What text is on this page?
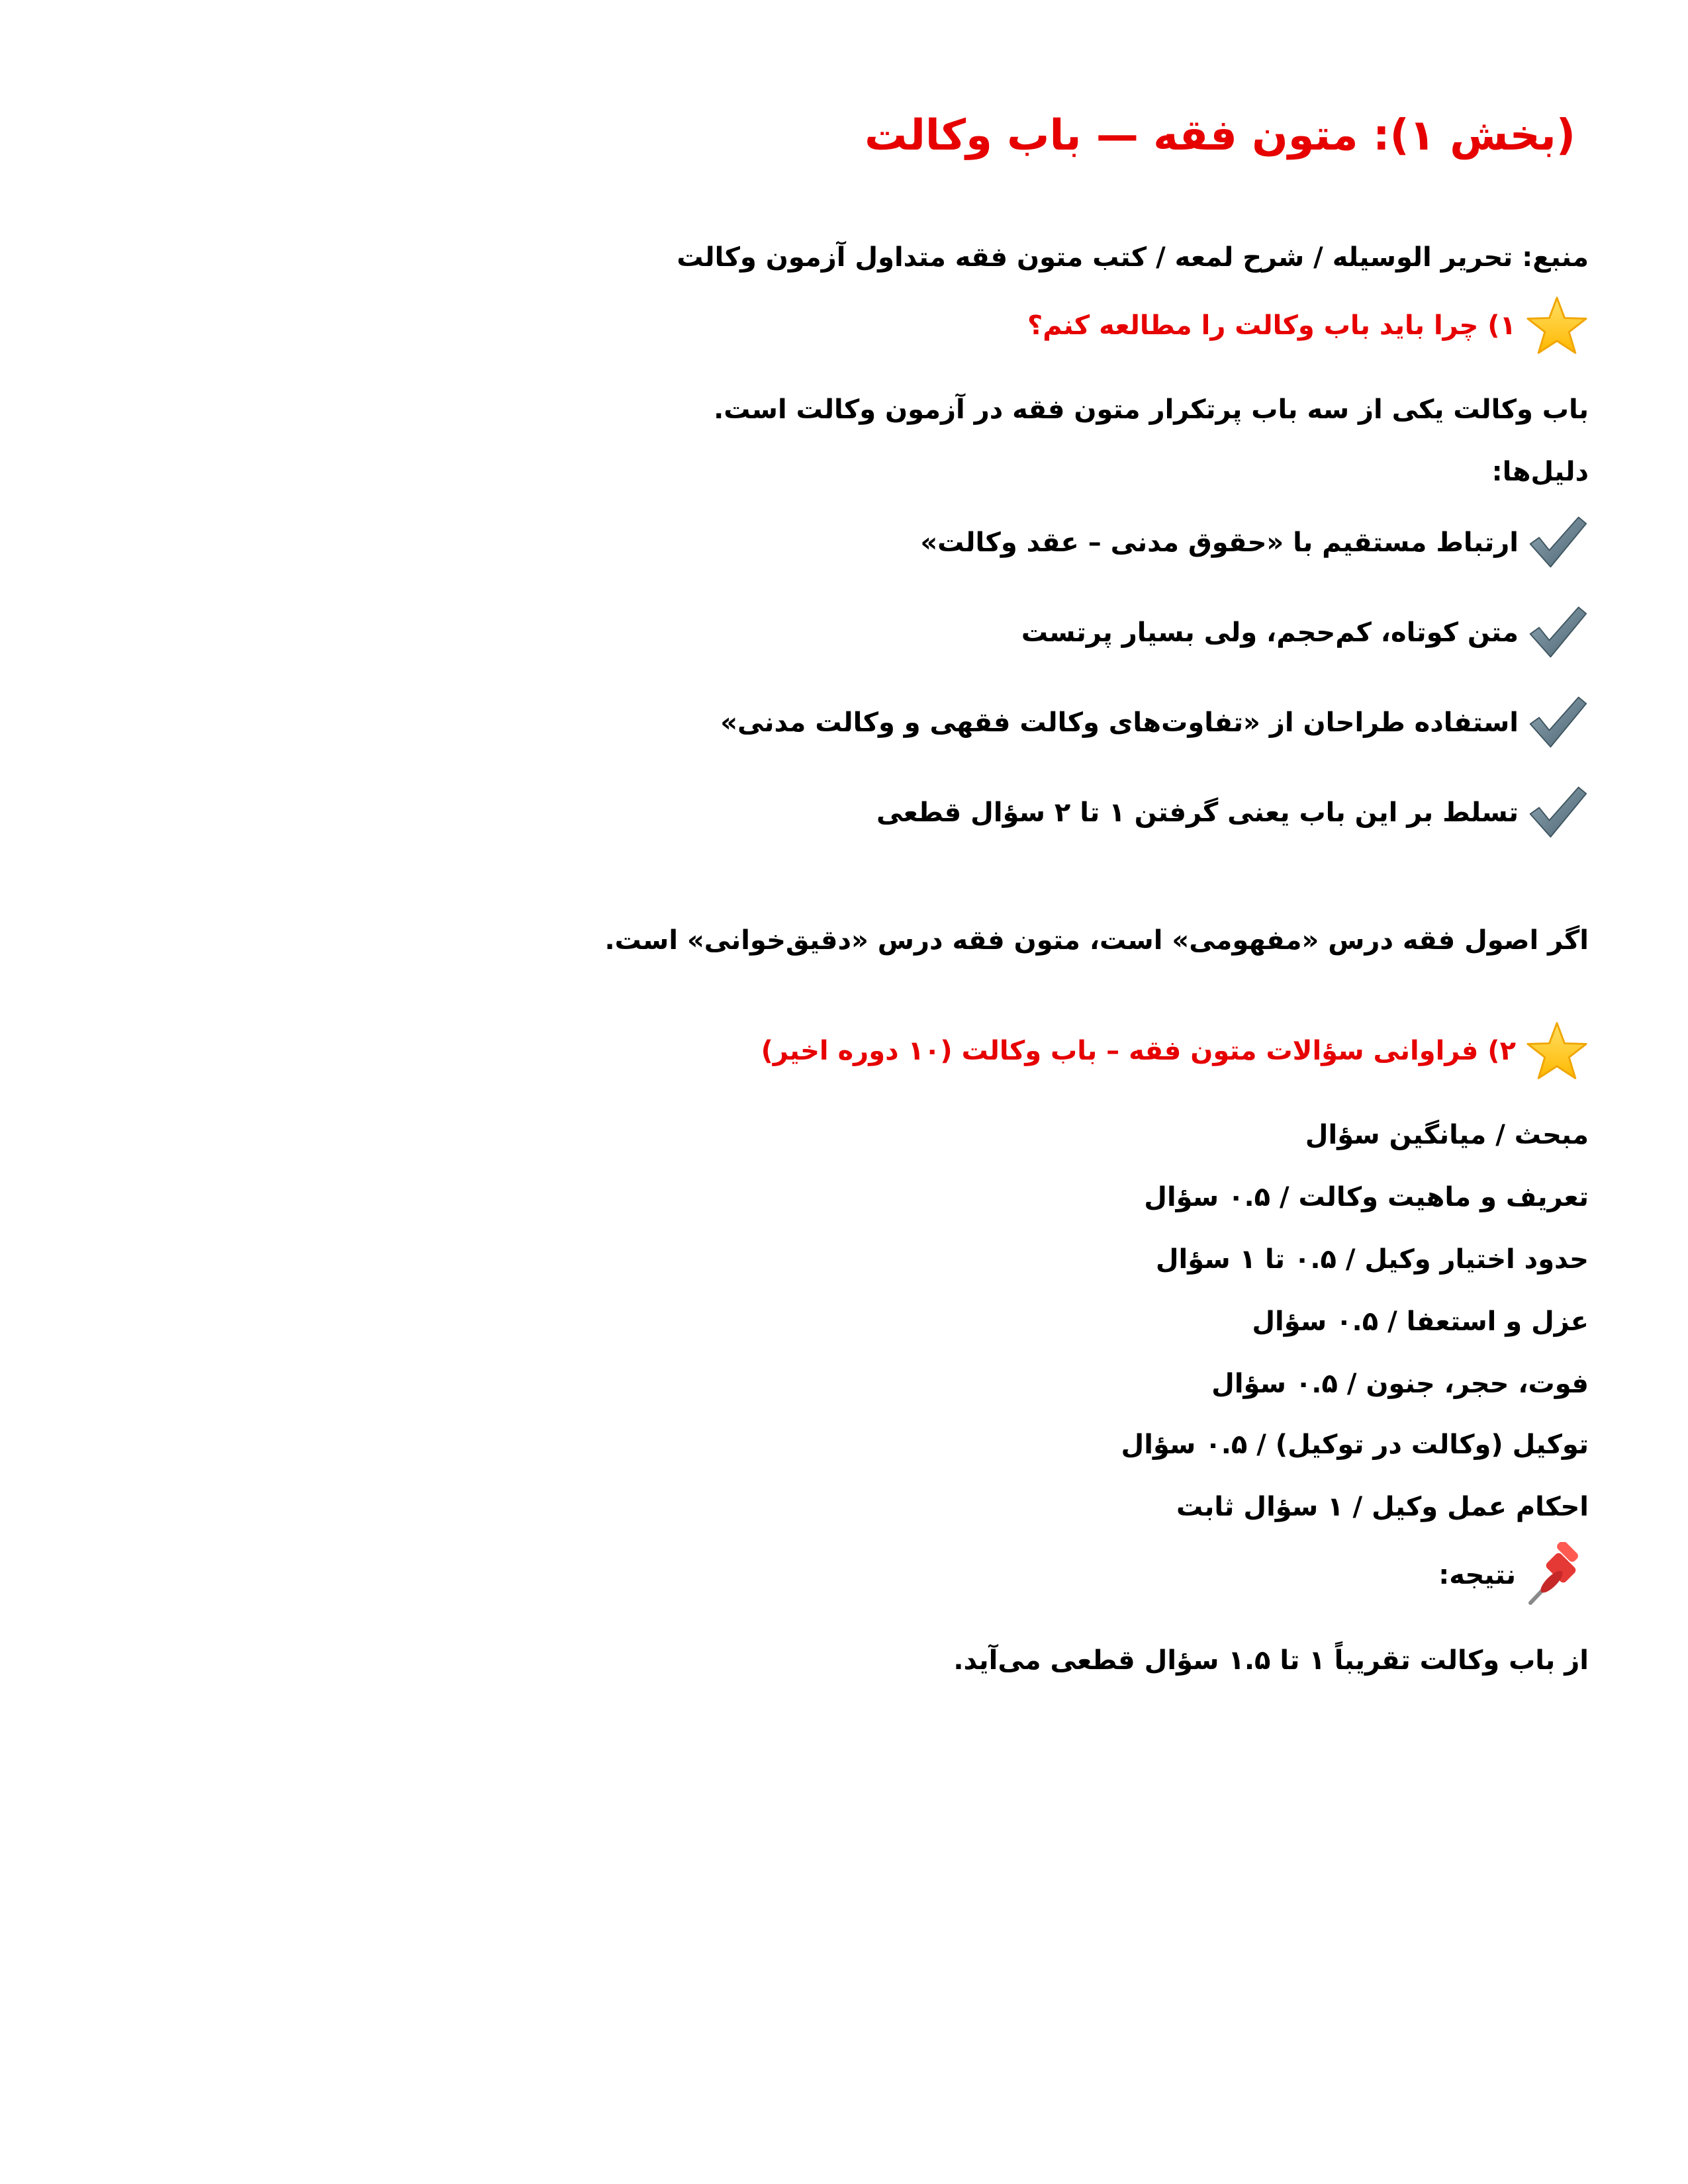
(بخش ۱): متون فقه — باب وکالت
منبع: تحریر الوسیله / شرح لمعه / کتب متون فقه متداول آزمون وکالت
۱) چرا باید باب وکالت را مطالعه کنم؟
باب وکالت یکی از سه باب پرتکرار متون فقه در آزمون وکالت است.
دلیل‌ها:
ارتباط مستقیم با «حقوق مدنی – عقد وکالت»
متن کوتاه، کم‌حجم، ولی بسیار پرتست
استفاده طراحان از «تفاوت‌های وکالت فقهی و وکالت مدنی»
تسلط بر این باب یعنی گرفتن ۱ تا ۲ سؤال قطعی
اگر اصول فقه درس «مفهومی» است، متون فقه درس «دقیق‌خوانی» است.
۲) فراوانی سؤالات متون فقه – باب وکالت (۱۰ دوره اخیر)
مبحث / میانگین سؤال
تعریف و ماهیت وکالت / ۰.۵ سؤال
حدود اختیار وکیل / ۰.۵ تا ۱ سؤال
عزل و استعفا / ۰.۵ سؤال
فوت، حجر، جنون / ۰.۵ سؤال
توکیل (وکالت در توکیل) / ۰.۵ سؤال
احکام عمل وکیل / ۱ سؤال ثابت
نتیجه:
از باب وکالت تقریباً ۱ تا ۱.۵ سؤال قطعی می‌آید.
